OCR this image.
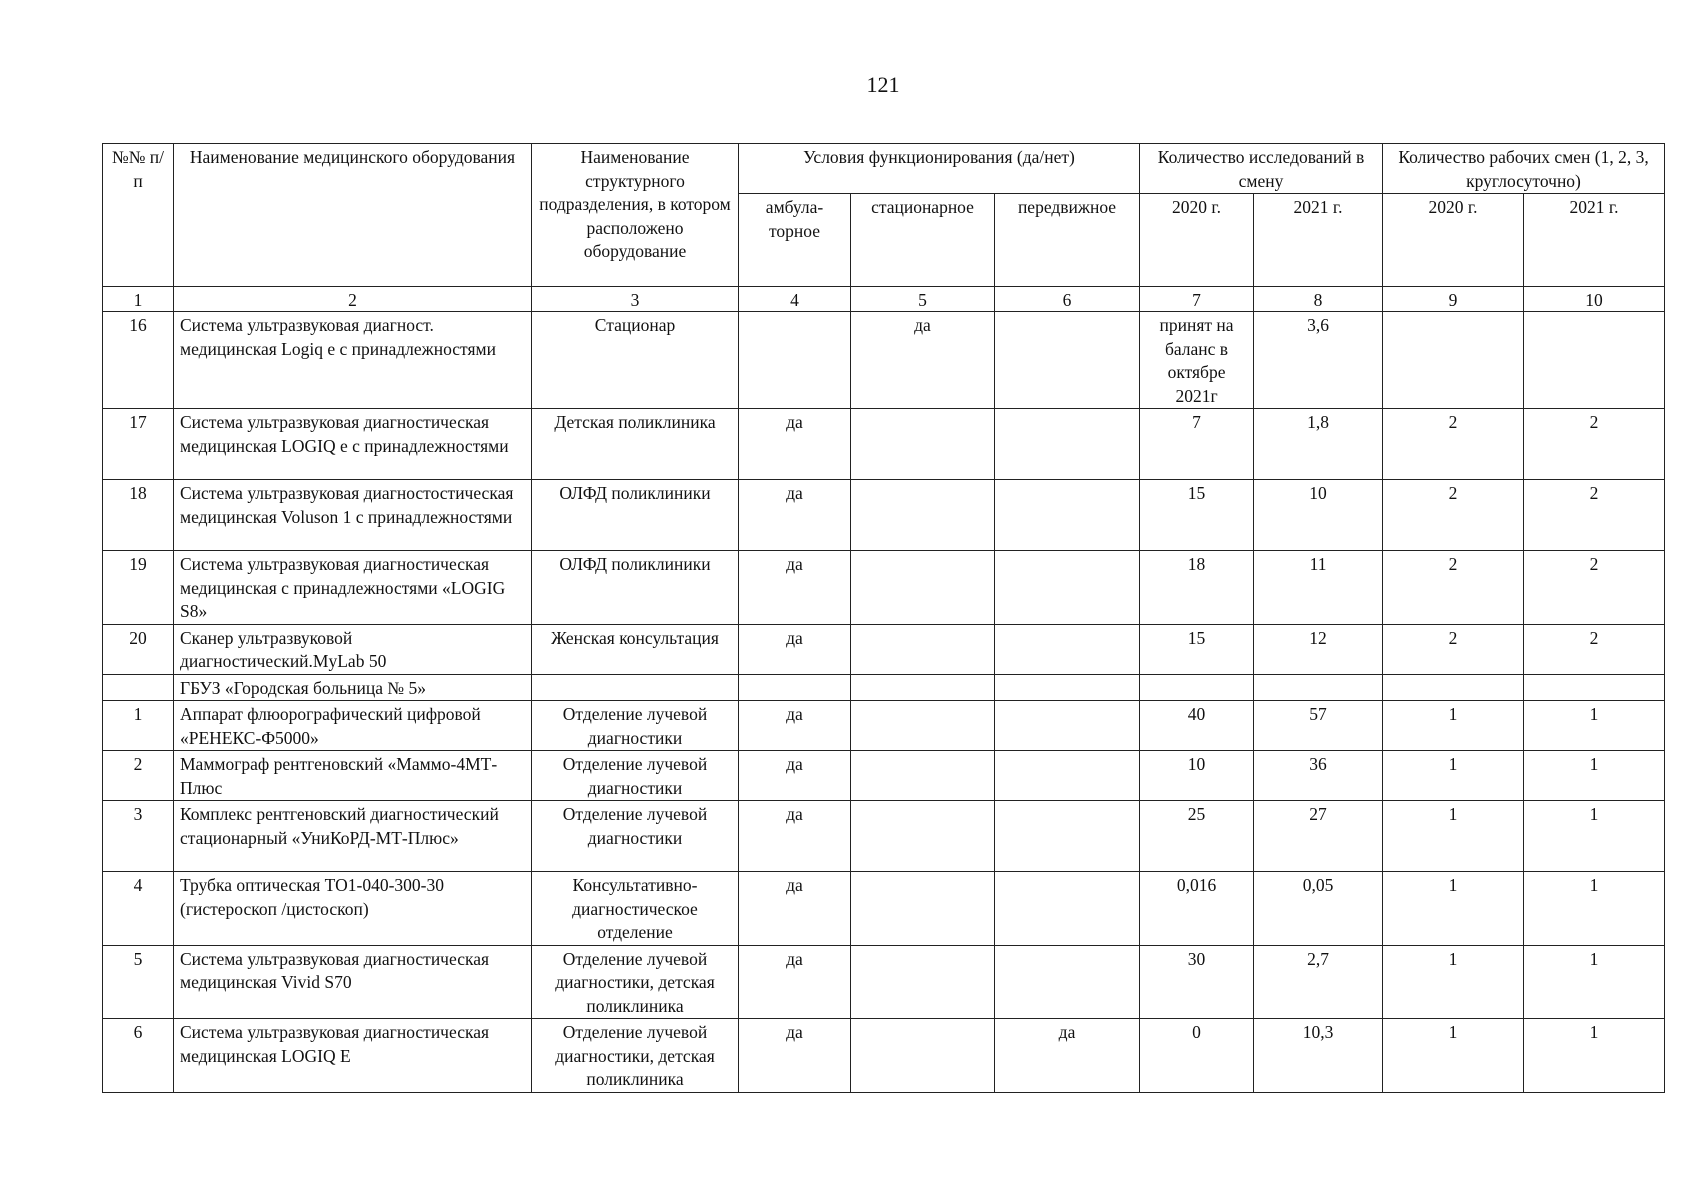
121
№№ п/п	Наименование медицинского оборудования	Наименование структурного подразделения, в котором расположено оборудование	Условия функционирования (да/нет)			Количество исследований в смену		Количество рабочих смен (1, 2, 3, круглосуточно)	
			амбула-торное	стационарное	передвижное	2020 г.	2021 г.	2020 г.	2021 г.
1	2	3	4	5	6	7	8	9	10
16	Система ультразвуковая диагност. медицинская Logiq e с принадлежностями	Стационар		да		принят на баланс в октябре 2021г	3,6		
17	Система ультразвуковая диагностическая медицинская LOGIQ e с принадлежностями	Детская поликлиника	да			7	1,8	2	2
18	Система ультразвуковая диагностостическая медицинская Voluson 1 с принадлежностями	ОЛФД поликлиники	да			15	10	2	2
19	Система ультразвуковая диагностическая медицинская с принадлежностями «LOGIG S8»	ОЛФД поликлиники	да			18	11	2	2
20	Сканер ультразвуковой диагностический.MyLab 50	Женская консультация	да			15	12	2	2
	ГБУЗ «Городская больница № 5»								
1	Аппарат флюорографический цифровой «РЕНЕКС-Ф5000»	Отделение лучевой диагностики	да			40	57	1	1
2	Маммограф рентгеновский «Маммо-4МТ-Плюс	Отделение лучевой диагностики	да			10	36	1	1
3	Комплекс рентгеновский диагностический стационарный «УниКоРД-МТ-Плюс»	Отделение лучевой диагностики	да			25	27	1	1
4	Трубка оптическая ТО1-040-300-30 (гистероскоп /цистоскоп)	Консультативно-диагностическое отделение	да			0,016	0,05	1	1
5	Система ультразвуковая диагностическая медицинская Vivid S70	Отделение лучевой диагностики, детская поликлиника	да			30	2,7	1	1
6	Система ультразвуковая диагностическая медицинская LOGIQ E	Отделение лучевой диагностики, детская поликлиника	да		да	0	10,3	1	1
